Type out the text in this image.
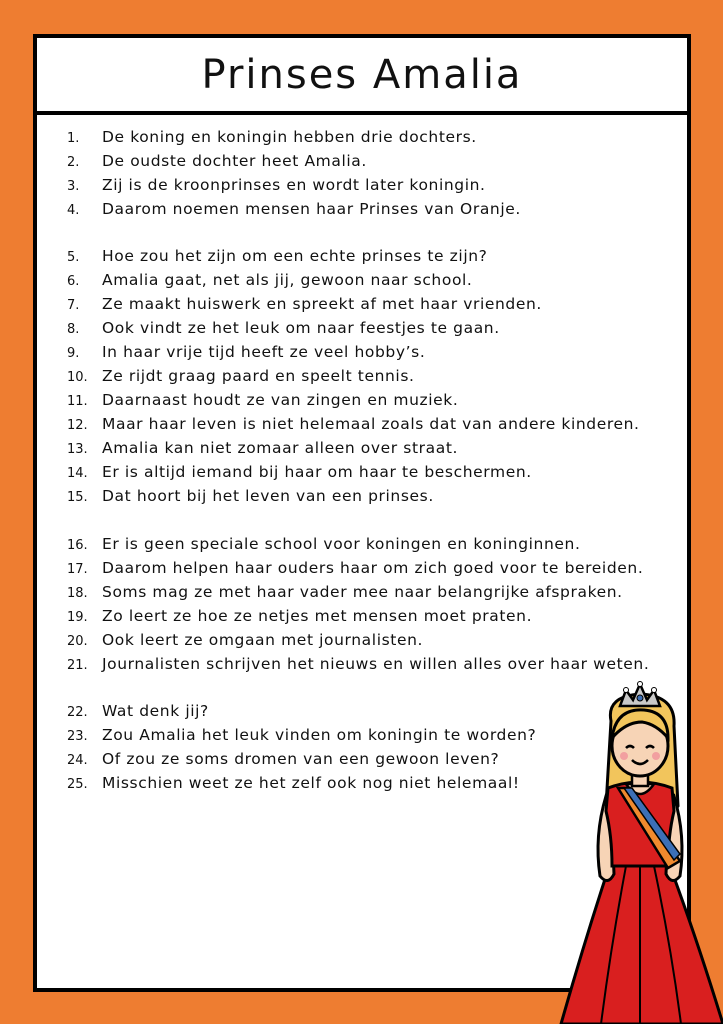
Prinses Amalia
1.	De koning en koningin hebben drie dochters.
2.	De oudste dochter heet Amalia.
3.	Zij is de kroonprinses en wordt later koningin.
4.	Daarom noemen mensen haar Prinses van Oranje.
5.	Hoe zou het zijn om een echte prinses te zijn?
6.	Amalia gaat, net als jij, gewoon naar school.
7.	Ze maakt huiswerk en spreekt af met haar vrienden.
8.	Ook vindt ze het leuk om naar feestjes te gaan.
9.	In haar vrije tijd heeft ze veel hobby’s.
10. Ze rijdt graag paard en speelt tennis.
11. Daarnaast houdt ze van zingen en muziek.
12. Maar haar leven is niet helemaal zoals dat van andere kinderen.
13. Amalia kan niet zomaar alleen over straat.
14. Er is altijd iemand bij haar om haar te beschermen.
15. Dat hoort bij het leven van een prinses.
16. Er is geen speciale school voor koningen en koninginnen.
17. Daarom helpen haar ouders haar om zich goed voor te bereiden.
18. Soms mag ze met haar vader mee naar belangrijke afspraken.
19. Zo leert ze hoe ze netjes met mensen moet praten.
20. Ook leert ze omgaan met journalisten.
21. Journalisten schrijven het nieuws en willen alles over haar weten.
22. Wat denk jij?
23. Zou Amalia het leuk vinden om koningin te worden?
24. Of zou ze soms dromen van een gewoon leven?
25. Misschien weet ze het zelf ook nog niet helemaal!
